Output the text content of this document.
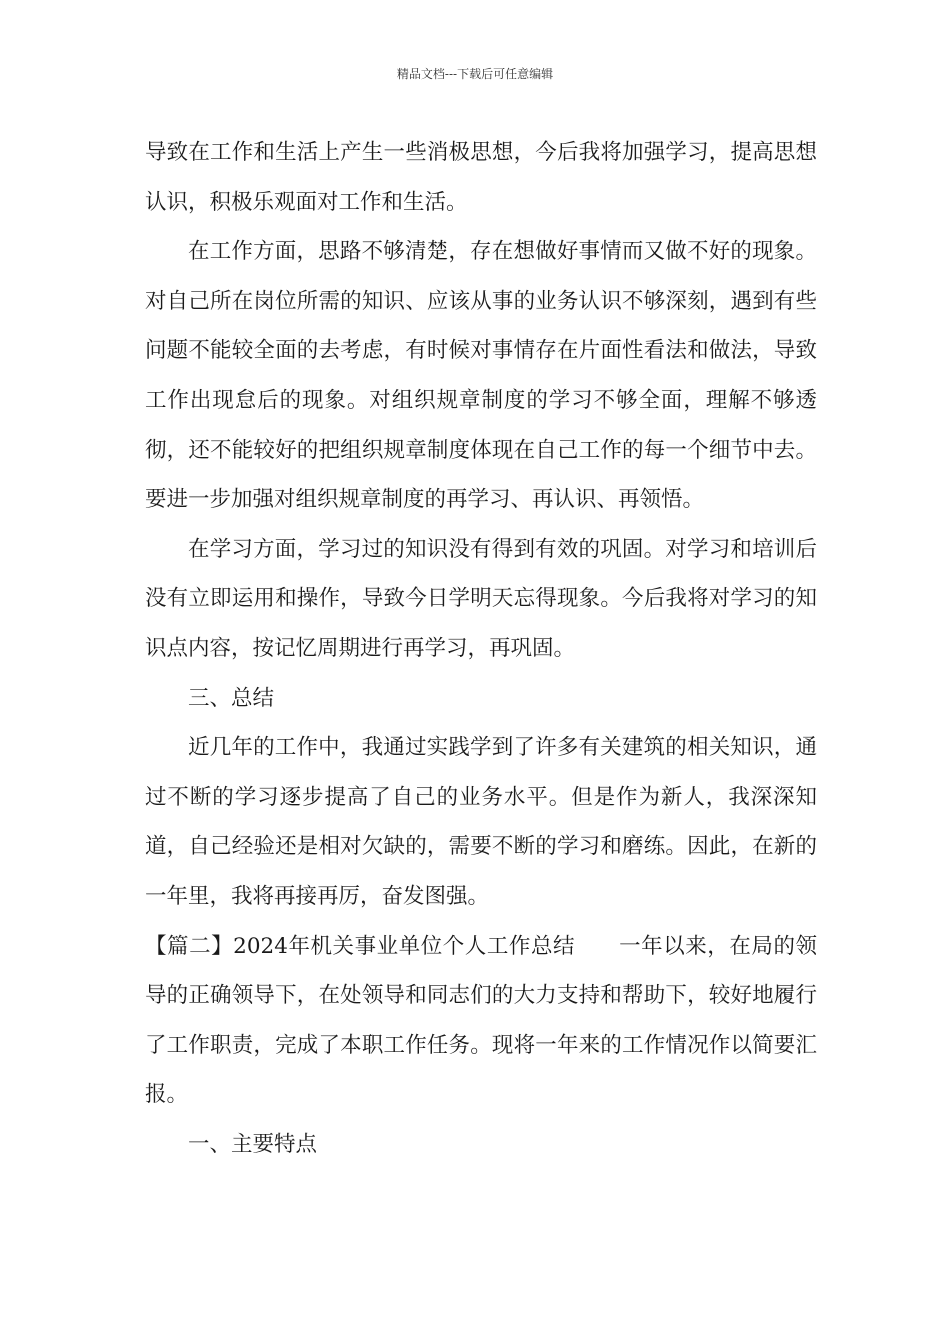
精品文档---下载后可任意编辑

导致在工作和生活上产生一些消极思想，今后我将加强学习，提高思想认识，积极乐观面对工作和生活。

在工作方面，思路不够清楚，存在想做好事情而又做不好的现象。对自己所在岗位所需的知识、应该从事的业务认识不够深刻，遇到有些问题不能较全面的去考虑，有时候对事情存在片面性看法和做法，导致工作出现怠后的现象。对组织规章制度的学习不够全面，理解不够透彻，还不能较好的把组织规章制度体现在自己工作的每一个细节中去。要进一步加强对组织规章制度的再学习、再认识、再领悟。

在学习方面，学习过的知识没有得到有效的巩固。对学习和培训后没有立即运用和操作，导致今日学明天忘得现象。今后我将对学习的知识点内容，按记忆周期进行再学习，再巩固。

三、总结

近几年的工作中，我通过实践学到了许多有关建筑的相关知识，通过不断的学习逐步提高了自己的业务水平。但是作为新人，我深深知道，自己经验还是相对欠缺的，需要不断的学习和磨练。因此，在新的一年里，我将再接再厉，奋发图强。

【篇二】2024年机关事业单位个人工作总结　　一年以来，在局的领导的正确领导下，在处领导和同志们的大力支持和帮助下，较好地履行了工作职责，完成了本职工作任务。现将一年来的工作情况作以简要汇报。

一、主要特点
